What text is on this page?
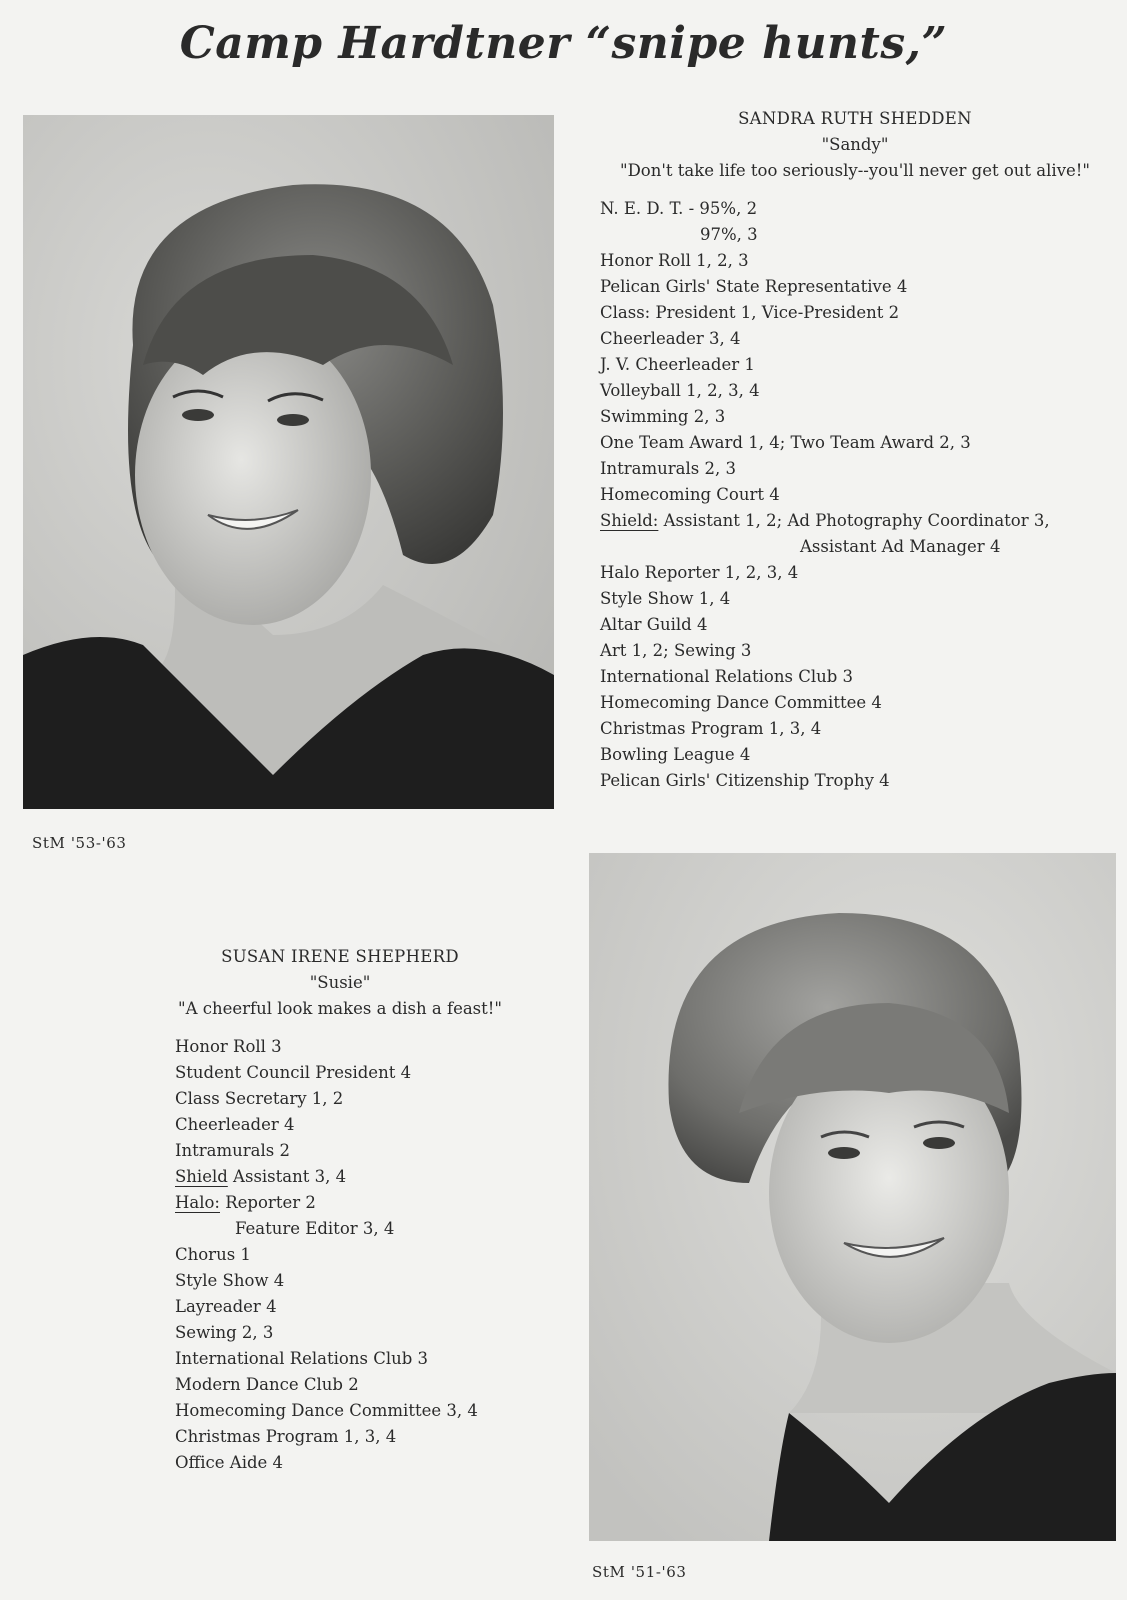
Camp Hardtner “snipe hunts,”
SANDRA RUTH SHEDDEN
"Sandy"
"Don't take life too seriously--you'll never get out alive!"
N. E. D. T. - 95%, 2
97%, 3
Honor Roll 1, 2, 3
Pelican Girls' State Representative 4
Class: President 1, Vice-President 2
Cheerleader 3, 4
J. V. Cheerleader 1
Volleyball 1, 2, 3, 4
Swimming 2, 3
One Team Award 1, 4; Two Team Award 2, 3
Intramurals 2, 3
Homecoming Court 4
Shield: Assistant 1, 2; Ad Photography Coordinator 3,
Assistant Ad Manager 4
Halo Reporter 1, 2, 3, 4
Style Show 1, 4
Altar Guild 4
Art 1, 2; Sewing 3
International Relations Club 3
Homecoming Dance Committee 4
Christmas Program 1, 3, 4
Bowling League 4
Pelican Girls' Citizenship Trophy 4
StM '53-'63
SUSAN IRENE SHEPHERD
"Susie"
"A cheerful look makes a dish a feast!"
Honor Roll 3
Student Council President 4
Class Secretary 1, 2
Cheerleader 4
Intramurals 2
Shield Assistant 3, 4
Halo: Reporter 2
Feature Editor 3, 4
Chorus 1
Style Show 4
Layreader 4
Sewing 2, 3
International Relations Club 3
Modern Dance Club 2
Homecoming Dance Committee 3, 4
Christmas Program 1, 3, 4
Office Aide 4
StM '51-'63
